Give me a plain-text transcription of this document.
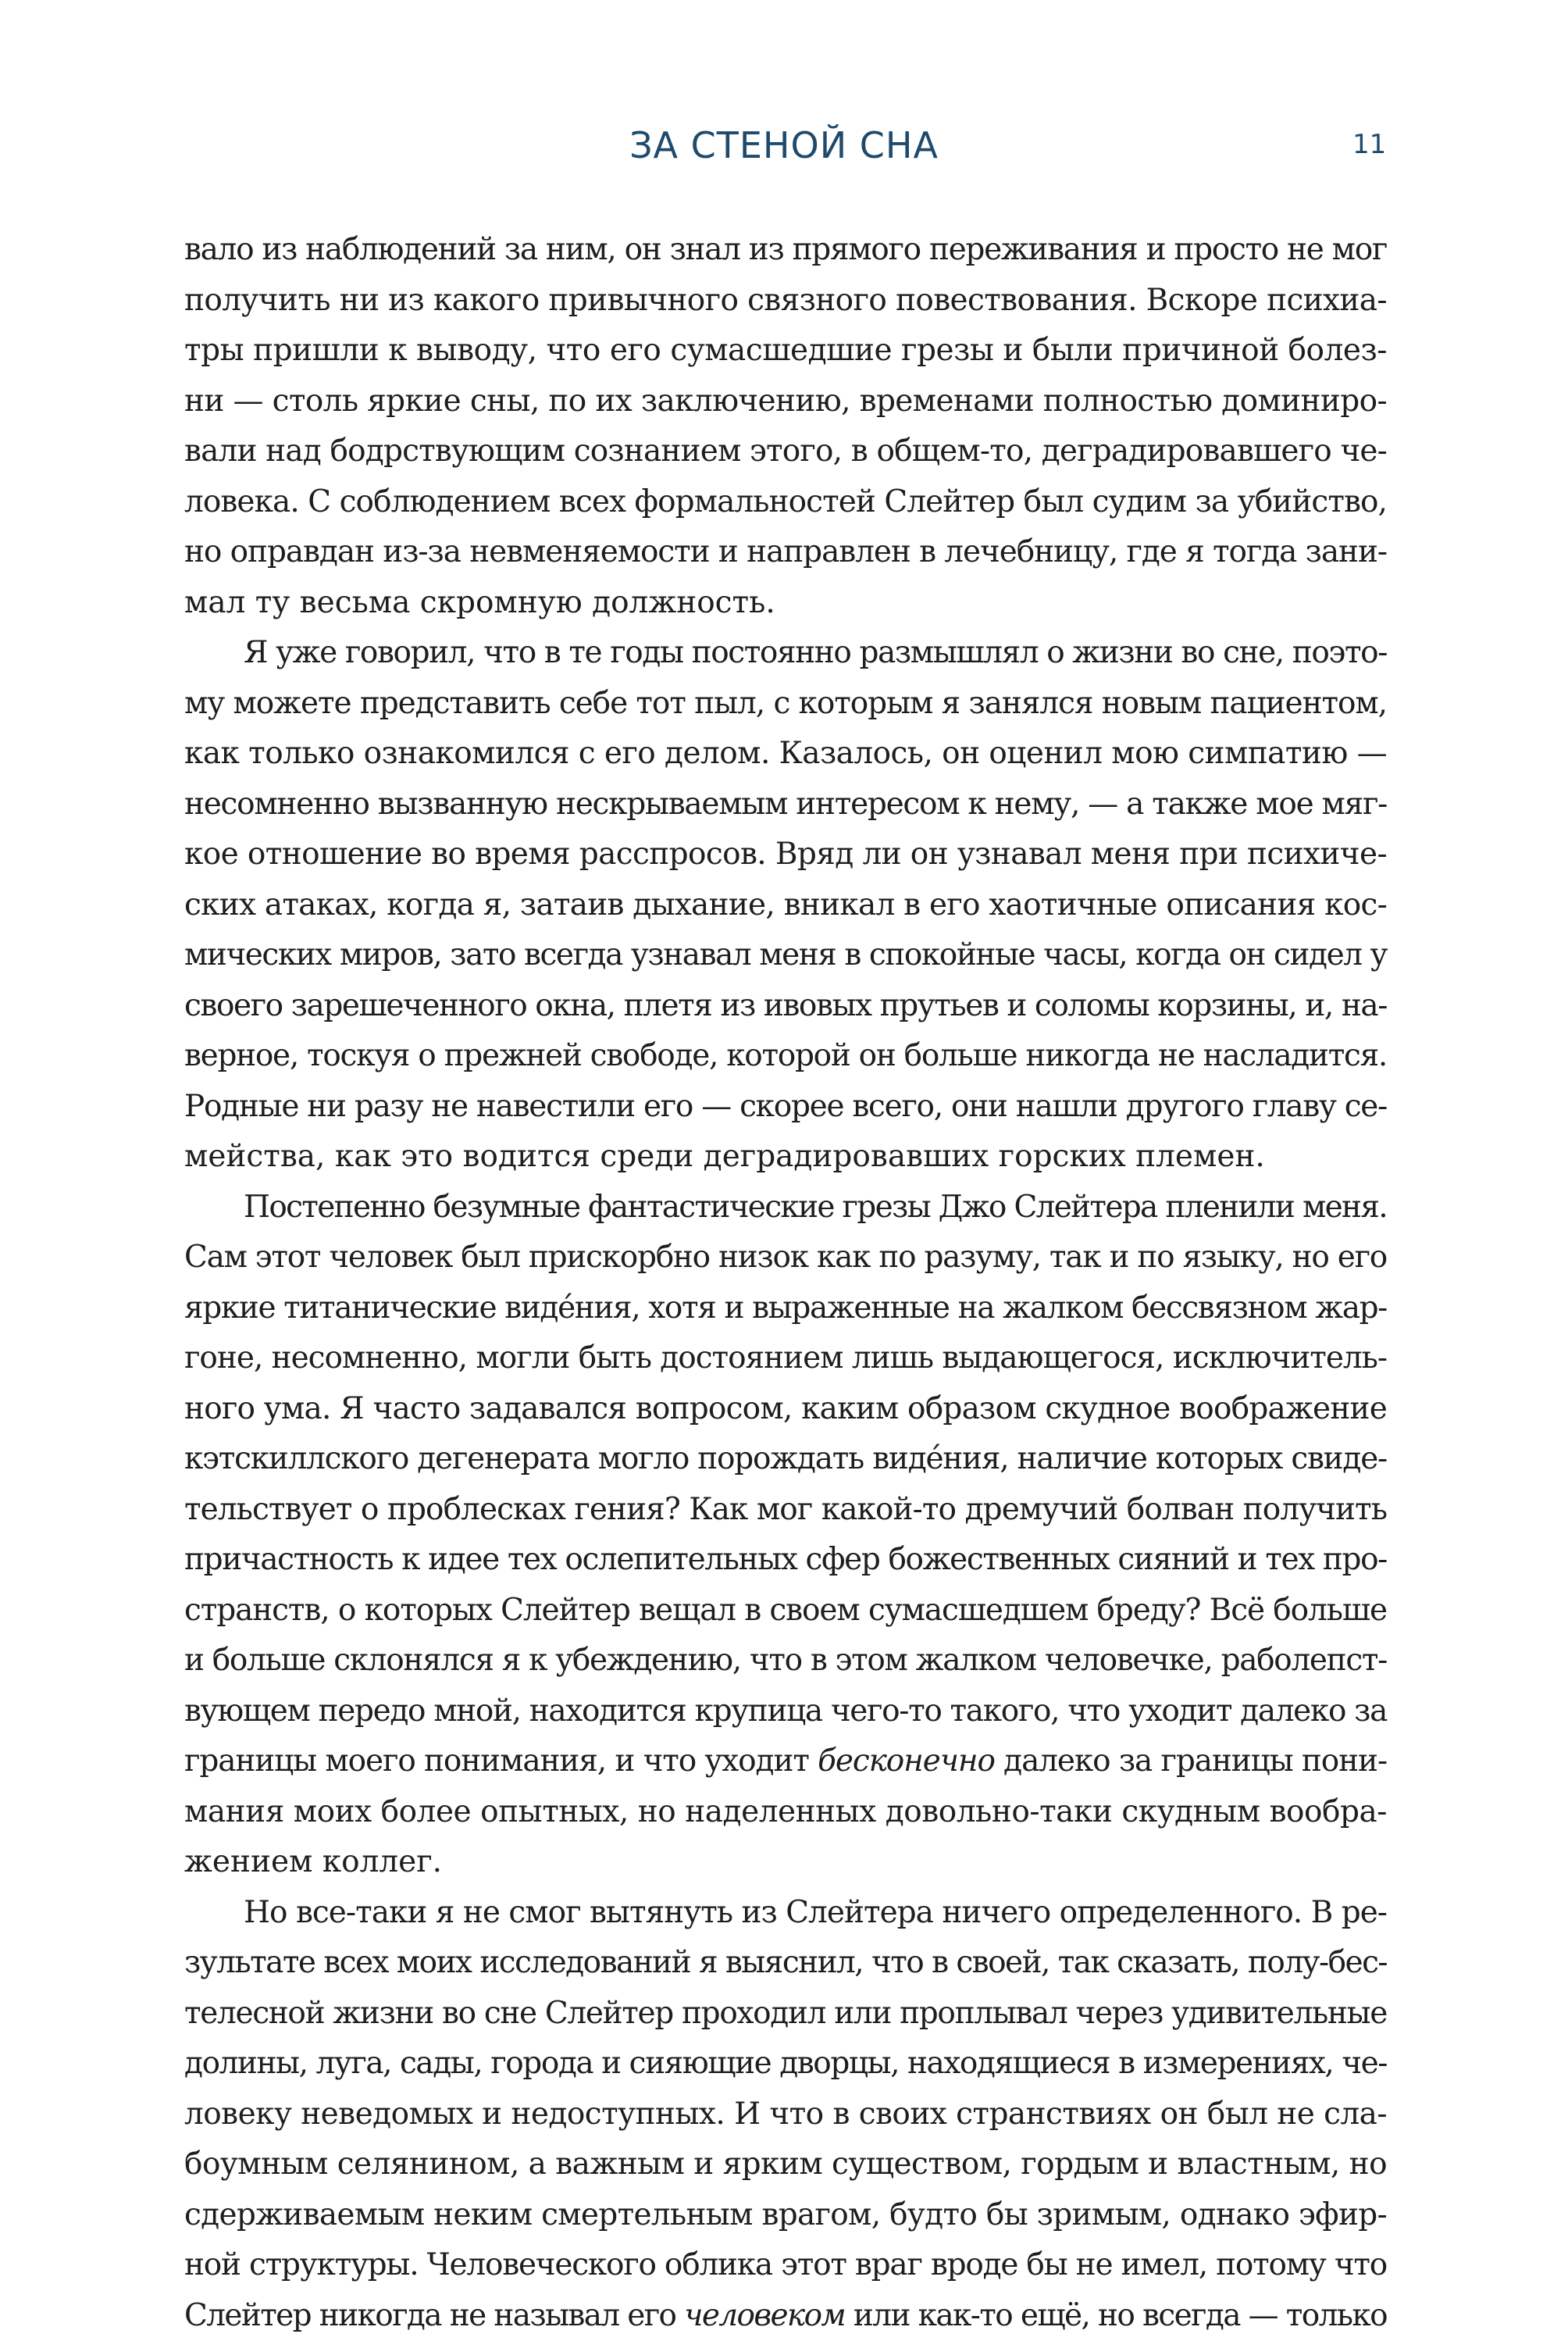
ЗА СТЕНОЙ СНА	11
вало из наблюдений за ним, он знал из прямого переживания и просто не мог
получить ни из какого привычного связного повествования. Вскоре психиа-
тры пришли к выводу, что его сумасшедшие грезы и были причиной болез-
ни — столь яркие сны, по их заключению, временами полностью доминиро-
вали над бодрствующим сознанием этого, в общем-то, деградировавшего че-
ловека. С соблюдением всех формальностей Слейтер был судим за убийство,
но оправдан из-за невменяемости и направлен в лечебницу, где я тогда зани-
мал ту весьма скромную должность.
Я уже говорил, что в те годы постоянно размышлял о жизни во сне, поэто-
му можете представить себе тот пыл, с которым я занялся новым пациентом,
как только ознакомился с его делом. Казалось, он оценил мою симпатию —
несомненно вызванную нескрываемым интересом к нему, — а также мое мяг-
кое отношение во время расспросов. Вряд ли он узнавал меня при психиче-
ских атаках, когда я, затаив дыхание, вникал в его хаотичные описания кос-
мических миров, зато всегда узнавал меня в спокойные часы, когда он сидел у
своего зарешеченного окна, плетя из ивовых прутьев и соломы корзины, и, на-
верное, тоскуя о прежней свободе, которой он больше никогда не насладится.
Родные ни разу не навестили его — скорее всего, они нашли другого главу се-
мейства, как это водится среди деградировавших горских племен.
Постепенно безумные фантастические грезы Джо Слейтера пленили меня.
Сам этот человек был прискорбно низок как по разуму, так и по языку, но его
яркие титанические видéния, хотя и выраженные на жалком бессвязном жар-
гоне, несомненно, могли быть достоянием лишь выдающегося, исключитель-
ного ума. Я часто задавался вопросом, каким образом скудное воображение
кэтскиллского дегенерата могло порождать видéния, наличие которых свиде-
тельствует о проблесках гения? Как мог какой-то дремучий болван получить
причастность к идее тех ослепительных сфер божественных сияний и тех про-
странств, о которых Слейтер вещал в своем сумасшедшем бреду? Всё больше
и больше склонялся я к убеждению, что в этом жалком человечке, раболепст-
вующем передо мной, находится крупица чего-то такого, что уходит далеко за
границы моего понимания, и что уходит бесконечно далеко за границы пони-
мания моих более опытных, но наделенных довольно-таки скудным вообра-
жением коллег.
Но все-таки я не смог вытянуть из Слейтера ничего определенного. В ре-
зультате всех моих исследований я выяснил, что в своей, так сказать, полу-бес-
телесной жизни во сне Слейтер проходил или проплывал через удивительные
долины, луга, сады, города и сияющие дворцы, находящиеся в измерениях, че-
ловеку неведомых и недоступных. И что в своих странствиях он был не сла-
боумным селянином, а важным и ярким существом, гордым и властным, но
сдерживаемым неким смертельным врагом, будто бы зримым, однако эфир-
ной структуры. Человеческого облика этот враг вроде бы не имел, потому что
Слейтер никогда не называл его человеком или как-то ещё, но всегда — только
